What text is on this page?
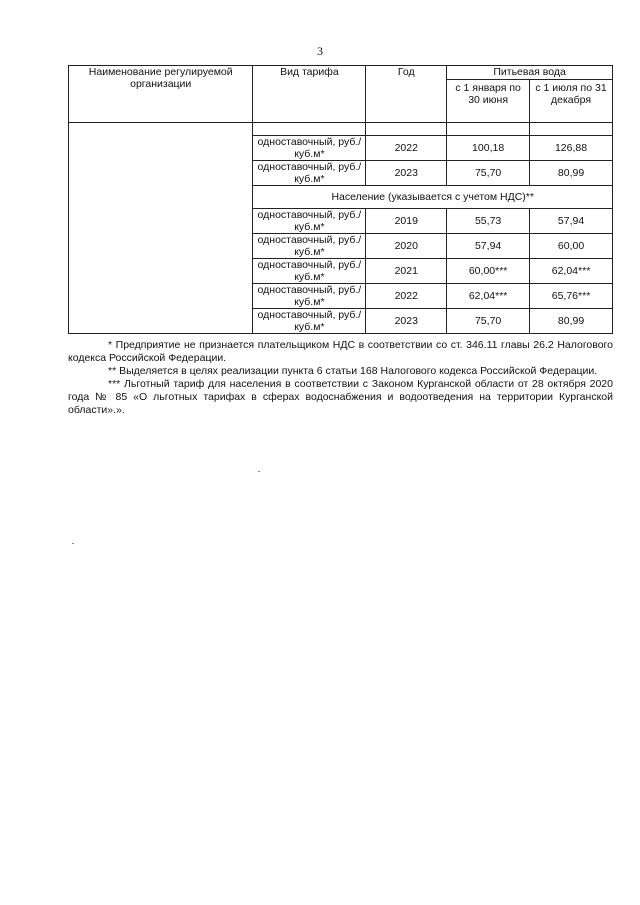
3
Наименование регулируемой организации	Вид тарифа	Год	Питьевая вода	
			с 1 января по 30 июня	с 1 июля по 31 декабря

	одноставочный, руб./куб.м*	2022	100,18	126,88
	одноставочный, руб./куб.м*	2023	75,70	80,99
	Население (указывается с учетом НДС)**			
	одноставочный, руб./куб.м*	2019	55,73	57,94
	одноставочный, руб./куб.м*	2020	57,94	60,00
	одноставочный, руб./куб.м*	2021	60,00***	62,04***
	одноставочный, руб./куб.м*	2022	62,04***	65,76***
	одноставочный, руб./куб.м*	2023	75,70	80,99

* Предприятие не признается плательщиком НДС в соответствии со ст. 346.11 главы 26.2 Налогового кодекса Российской Федерации.

** Выделяется в целях реализации пункта 6 статьи 168 Налогового кодекса Российской Федерации.

*** Льготный тариф для населения в соответствии с Законом Курганской области от 28 октября 2020 года № 85 «О льготных тарифах в сферах водоснабжения и водоотведения на территории Курганской области».».
